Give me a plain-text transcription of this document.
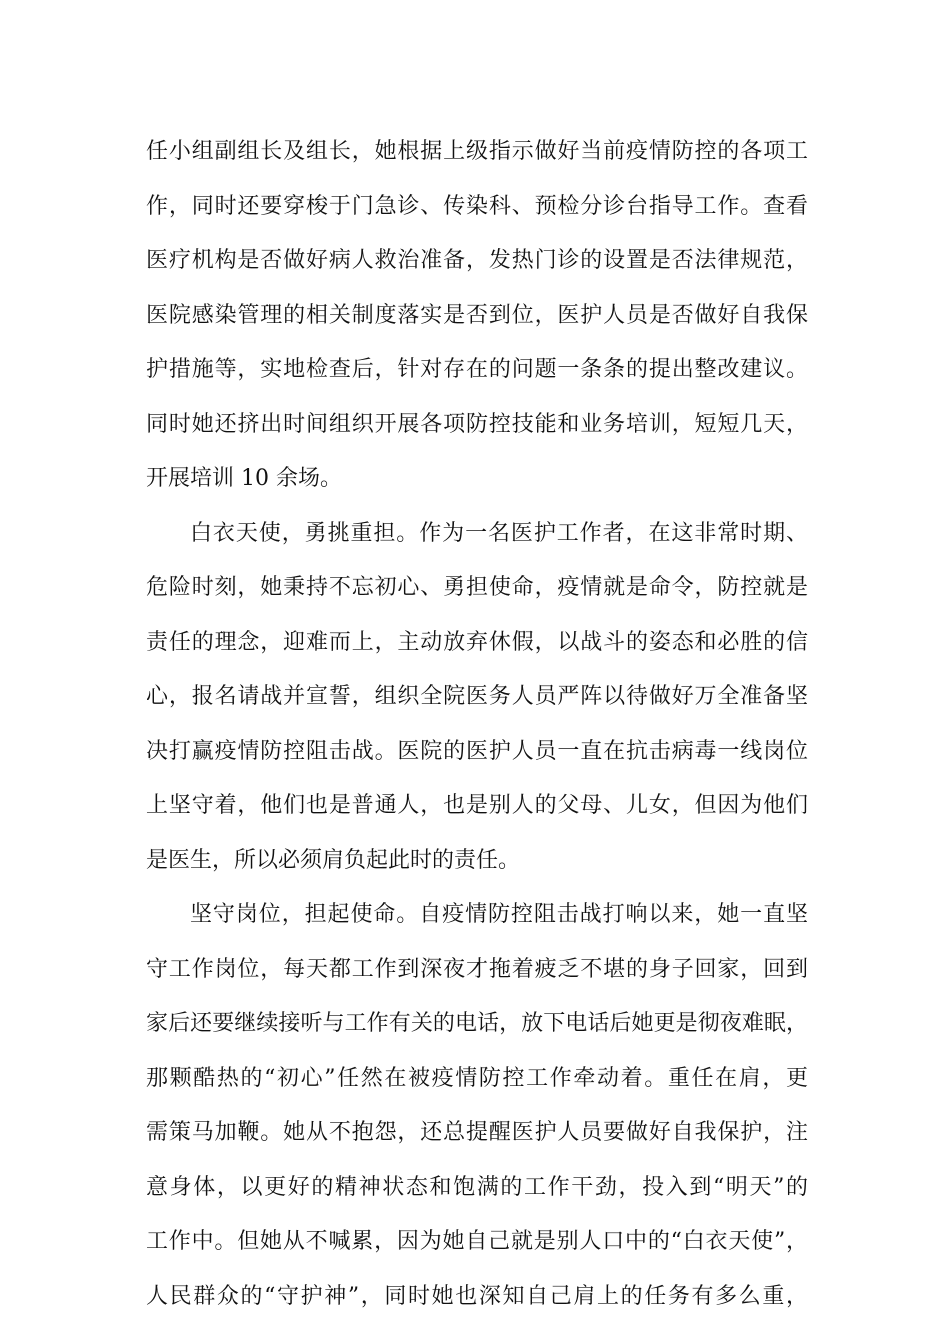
任小组副组长及组长，她根据上级指示做好当前疫情防控的各项工
作，同时还要穿梭于门急诊、传染科、预检分诊台指导工作。查看
医疗机构是否做好病人救治准备，发热门诊的设置是否法律规范，
医院感染管理的相关制度落实是否到位，医护人员是否做好自我保
护措施等，实地检查后，针对存在的问题一条条的提出整改建议。
同时她还挤出时间组织开展各项防控技能和业务培训，短短几天，
开展培训 10 余场。
白衣天使，勇挑重担。作为一名医护工作者，在这非常时期、
危险时刻，她秉持不忘初心、勇担使命，疫情就是命令，防控就是
责任的理念，迎难而上，主动放弃休假，以战斗的姿态和必胜的信
心，报名请战并宣誓，组织全院医务人员严阵以待做好万全准备坚
决打赢疫情防控阻击战。医院的医护人员一直在抗击病毒一线岗位
上坚守着，他们也是普通人，也是别人的父母、儿女，但因为他们
是医生，所以必须肩负起此时的责任。
坚守岗位，担起使命。自疫情防控阻击战打响以来，她一直坚
守工作岗位，每天都工作到深夜才拖着疲乏不堪的身子回家，回到
家后还要继续接听与工作有关的电话，放下电话后她更是彻夜难眠，
那颗酷热的“初心”任然在被疫情防控工作牵动着。重任在肩，更
需策马加鞭。她从不抱怨，还总提醒医护人员要做好自我保护，注
意身体，以更好的精神状态和饱满的工作干劲，投入到“明天”的
工作中。但她从不喊累，因为她自己就是别人口中的“白衣天使”，
人民群众的“守护神”，同时她也深知自己肩上的任务有多么重，
